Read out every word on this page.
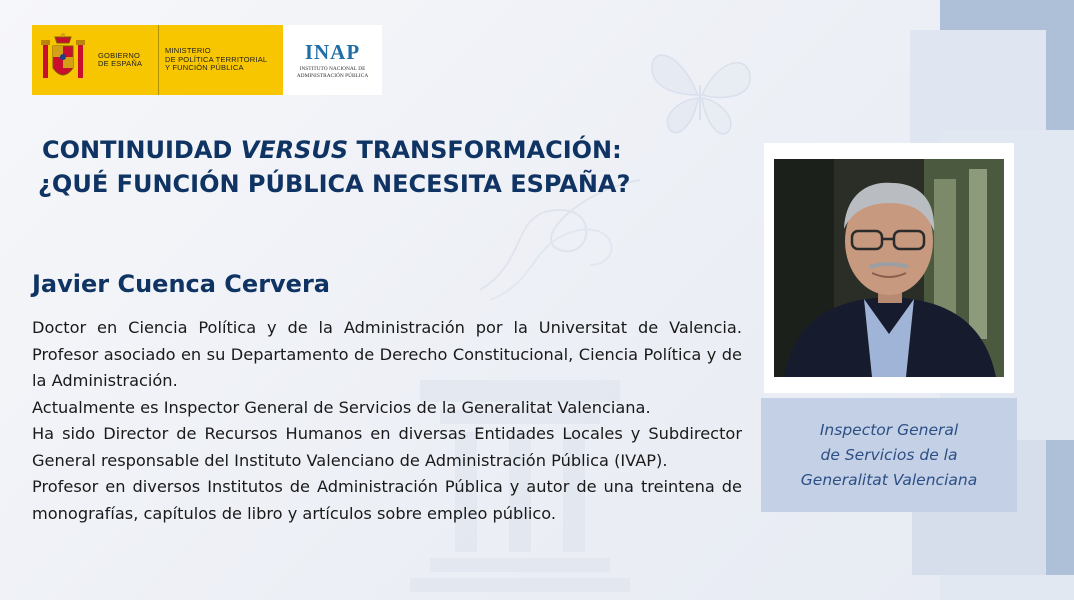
GOBIERNO
DE ESPAÑA
MINISTERIO
DE POLÍTICA TERRITORIAL
Y FUNCIÓN PÚBLICA
INAP
INSTITUTO NACIONAL DE
ADMINISTRACIÓN PÚBLICA
CONTINUIDAD VERSUS TRANSFORMACIÓN:
¿QUÉ FUNCIÓN PÚBLICA NECESITA ESPAÑA?
Javier Cuenca Cervera

Doctor en Ciencia Política y de la Administración por la Universitat de Valencia. Profesor asociado en su Departamento de Derecho Constitucional, Ciencia Política y de la Administración.

Actualmente es Inspector General de Servicios de la Generalitat Valenciana.

Ha sido Director de Recursos Humanos en diversas Entidades Locales y Subdirector General responsable del Instituto Valenciano de Administración Pública (IVAP).

Profesor en diversos Institutos de Administración Pública y autor de una treintena de monografías, capítulos de libro y artículos sobre empleo público.

Inspector General
de Servicios de la
Generalitat Valenciana
